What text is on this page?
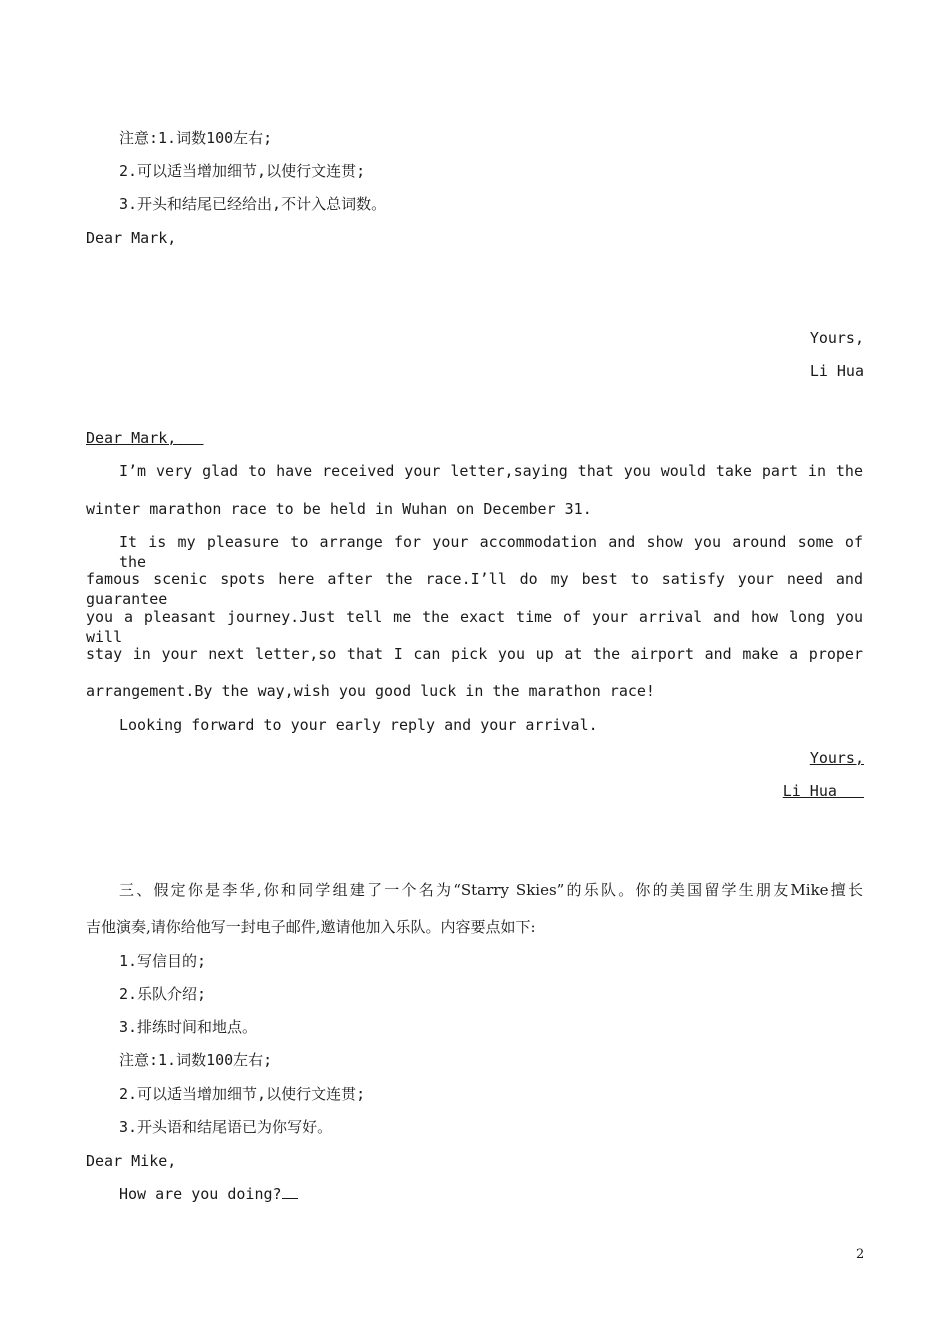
注意:1.词数100左右;
2.可以适当增加细节,以使行文连贯;
3.开头和结尾已经给出,不计入总词数。
Dear Mark,
Yours,
Li Hua
Dear Mark,
I’m very glad to have received your letter,saying that you would take part in the
winter marathon race to be held in Wuhan on December 31.
It is my pleasure to arrange for your accommodation and show you around some of the
famous scenic spots here after the race.I’ll do my best to satisfy your need and guarantee
you a pleasant journey.Just tell me the exact time of your arrival and how long you will
stay in your next letter,so that I can pick you up at the airport and make a proper
arrangement.By the way,wish you good luck in the marathon race!
Looking forward to your early reply and your arrival.
Yours,
Li Hua
三、假定你是李华,你和同学组建了一个名为“Starry Skies”的乐队。你的美国留学生朋友Mike擅长
吉他演奏,请你给他写一封电子邮件,邀请他加入乐队。内容要点如下:
1.写信目的;
2.乐队介绍;
3.排练时间和地点。
注意:1.词数100左右;
2.可以适当增加细节,以使行文连贯;
3.开头语和结尾语已为你写好。
Dear Mike,
How are you doing?
2
